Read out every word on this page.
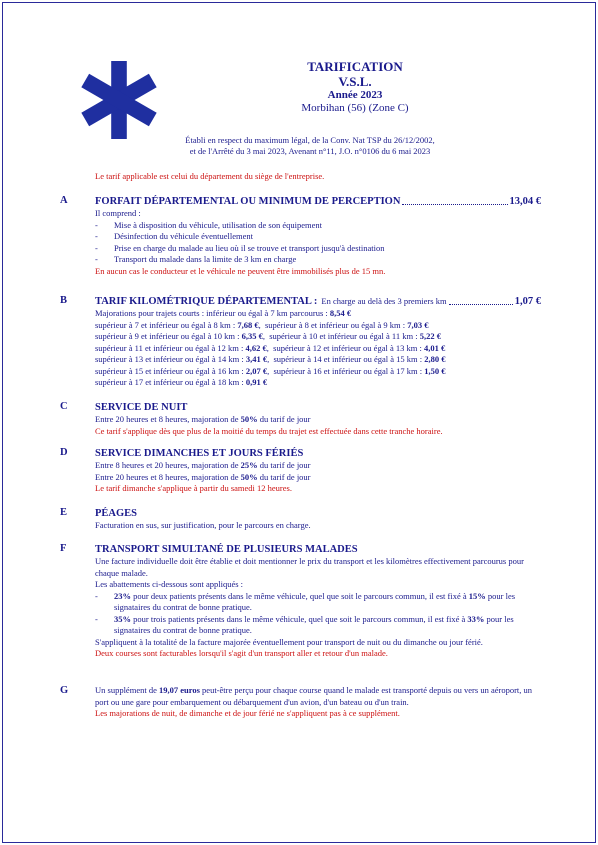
TARIFICATION
V.S.L.
Année 2023
Morbihan (56) (Zone C)
Établi en respect du maximum légal, de la Conv. Nat TSP du 26/12/2002,
et de l'Arrêté du 3 mai 2023, Avenant n°11, J.O. n°0106 du 6 mai 2023
Le tarif applicable est celui du département du siège de l'entreprise.
A	FORFAIT DÉPARTEMENTAL OU MINIMUM DE PERCEPTION	13,04 €
Il comprend :
- Mise à disposition du véhicule, utilisation de son équipement
- Désinfection du véhicule éventuellement
- Prise en charge du malade au lieu où il se trouve et transport jusqu'à destination
- Transport du malade dans la limite de 3 km en charge
En aucun cas le conducteur et le véhicule ne peuvent être immobilisés plus de 15 mn.
B	TARIF KILOMÉTRIQUE DÉPARTEMENTAL : En charge au delà des 3 premiers km	1,07 €
Majorations pour trajets courts : inférieur ou égal à 7 km parcourus : 8,54 €
supérieur à 7 et inférieur ou égal à 8 km : 7,68 €,  supérieur à 8 et inférieur ou égal à 9 km : 7,03 €
supérieur à 9 et inférieur ou égal à 10 km : 6,35 €,  supérieur à 10 et inférieur ou égal à 11 km : 5,22 €
supérieur à 11 et inférieur ou égal à 12 km : 4,62 €,  supérieur à 12 et inférieur ou égal à 13 km : 4,01 €
supérieur à 13 et inférieur ou égal à 14 km : 3,41 €,  supérieur à 14 et inférieur ou égal à 15 km : 2,80 €
supérieur à 15 et inférieur ou égal à 16 km : 2,07 €,  supérieur à 16 et inférieur ou égal à 17 km : 1,50 €
supérieur à 17 et inférieur ou égal à 18 km : 0,91 €
C	SERVICE DE NUIT
Entre 20 heures et 8 heures, majoration de 50% du tarif de jour
Ce tarif s'applique dès que plus de la moitié du temps du trajet est effectuée dans cette tranche horaire.
D	SERVICE DIMANCHES ET JOURS FÉRIÉS
Entre 8 heures et 20 heures, majoration de 25% du tarif de jour
Entre 20 heures et 8 heures, majoration de 50% du tarif de jour
Le tarif dimanche s'applique à partir du samedi 12 heures.
E	PÉAGES
Facturation en sus, sur justification, pour le parcours en charge.
F	TRANSPORT SIMULTANÉ DE PLUSIEURS MALADES
Une facture individuelle doit être établie et doit mentionner le prix du transport et les kilomètres effectivement parcourus pour chaque malade.
Les abattements ci-dessous sont appliqués :
- 23% pour deux patients présents dans le même véhicule, quel que soit le parcours commun, il est fixé à 15% pour les signataires du contrat de bonne pratique.
- 35% pour trois patients présents dans le même véhicule, quel que soit le parcours commun, il est fixé à 33% pour les signataires du contrat de bonne pratique.
S'appliquent à la totalité de la facture majorée éventuellement pour transport de nuit ou du dimanche ou jour férié.
Deux courses sont facturables lorsqu'il s'agit d'un transport aller et retour d'un malade.
G	Un supplément de 19,07 euros peut-être perçu pour chaque course quand le malade est transporté depuis ou vers un aéroport, un port ou une gare pour embarquement ou débarquement d'un avion, d'un bateau ou d'un train.
Les majorations de nuit, de dimanche et de jour férié ne s'appliquent pas à ce supplément.
